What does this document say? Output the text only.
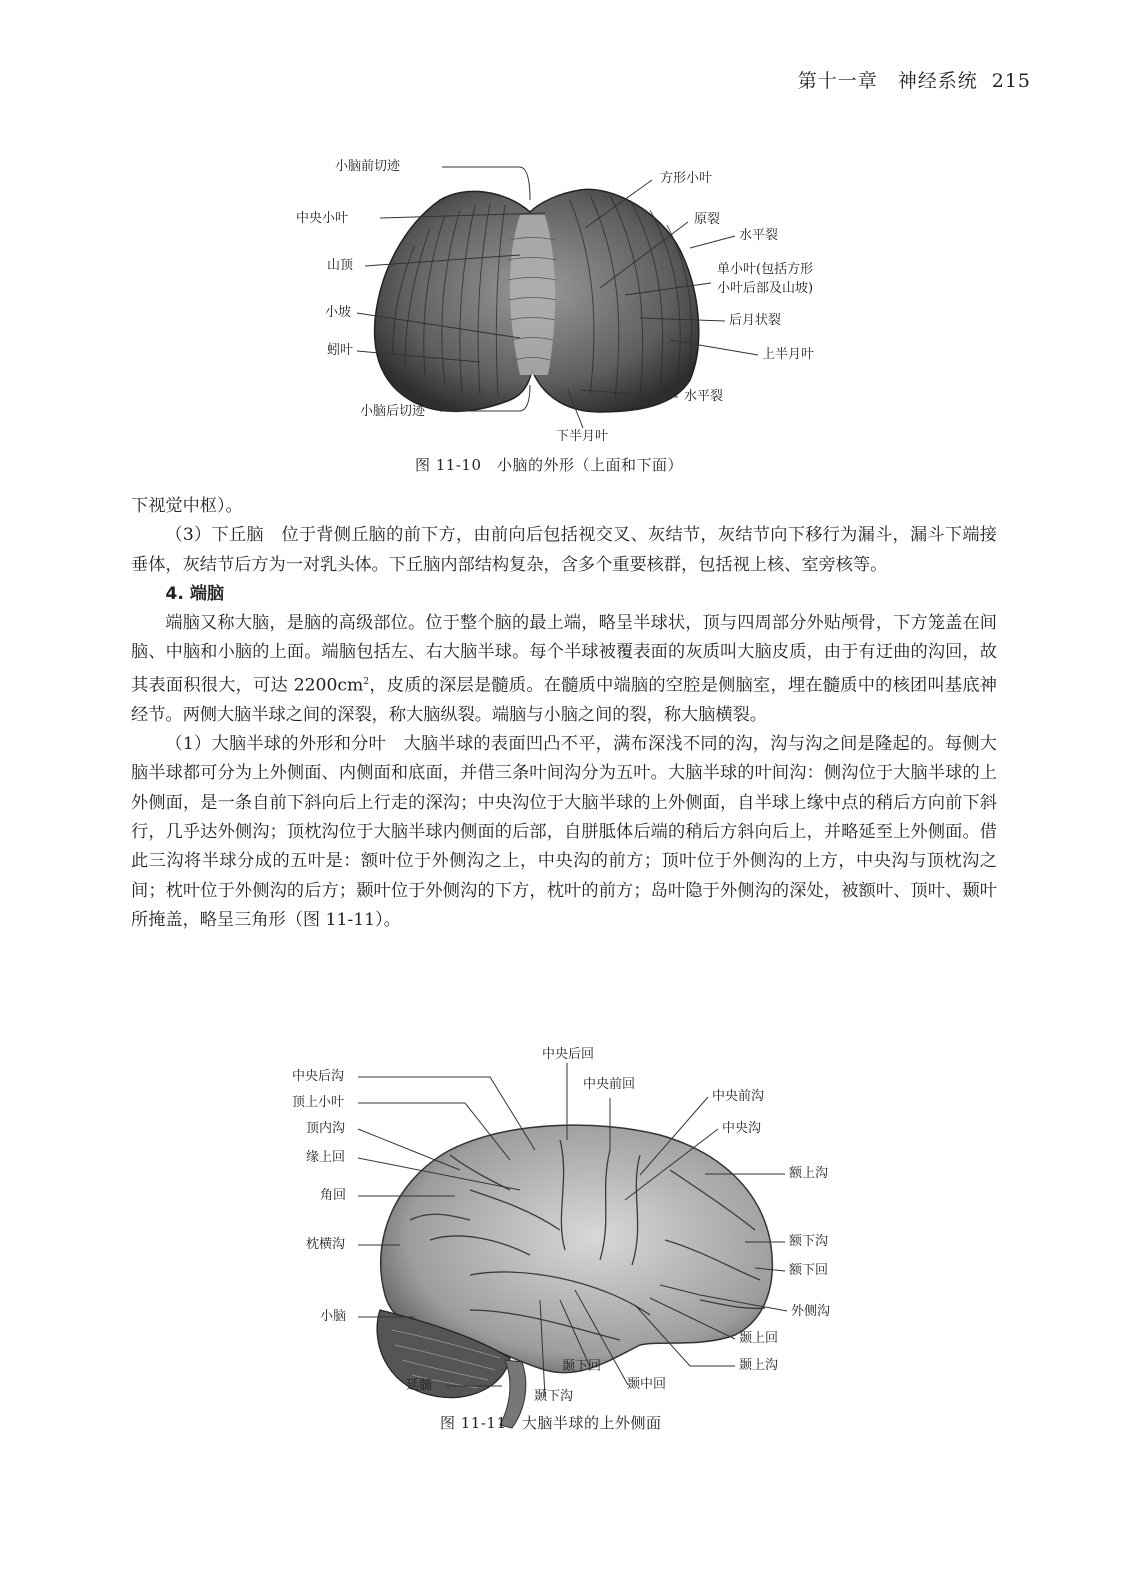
第十一章　神经系统 215
小脑前切迹
中央小叶
山顶
小坡
蚓叶
小脑后切迹
方形小叶
原裂
水平裂
单小叶(包括方形
小叶后部及山坡)
后月状裂
上半月叶
水平裂
下半月叶
图 11-10　小脑的外形（上面和下面）

下视觉中枢）。

（3）下丘脑　位于背侧丘脑的前下方，由前向后包括视交叉、灰结节，灰结节向下移行为漏斗，漏斗下端接垂体，灰结节后方为一对乳头体。下丘脑内部结构复杂，含多个重要核群，包括视上核、室旁核等。

4. 端脑

端脑又称大脑，是脑的高级部位。位于整个脑的最上端，略呈半球状，顶与四周部分外贴颅骨，下方笼盖在间脑、中脑和小脑的上面。端脑包括左、右大脑半球。每个半球被覆表面的灰质叫大脑皮质，由于有迂曲的沟回，故其表面积很大，可达 $2200cm^2$，皮质的深层是髓质。在髓质中端脑的空腔是侧脑室，埋在髓质中的核团叫基底神经节。两侧大脑半球之间的深裂，称大脑纵裂。端脑与小脑之间的裂，称大脑横裂。

（1）大脑半球的外形和分叶　大脑半球的表面凹凸不平，满布深浅不同的沟，沟与沟之间是隆起的。每侧大脑半球都可分为上外侧面、内侧面和底面，并借三条叶间沟分为五叶。大脑半球的叶间沟：侧沟位于大脑半球的上外侧面，是一条自前下斜向后上行走的深沟；中央沟位于大脑半球的上外侧面，自半球上缘中点的稍后方向前下斜行，几乎达外侧沟；顶枕沟位于大脑半球内侧面的后部，自胼胝体后端的稍后方斜向后上，并略延至上外侧面。借此三沟将半球分成的五叶是：额叶位于外侧沟之上，中央沟的前方；顶叶位于外侧沟的上方，中央沟与顶枕沟之间；枕叶位于外侧沟的后方；颞叶位于外侧沟的下方，枕叶的前方；岛叶隐于外侧沟的深处，被额叶、顶叶、颞叶所掩盖，略呈三角形（图 11-11）。

中央后回
中央后沟
顶上小叶
顶内沟
缘上回
角回
枕横沟
小脑
延髓
颞下沟
颞下回
颞中回
中央前回
中央前沟
中央沟
额上沟
额下沟
额下回
外侧沟
颞上回
颞上沟
图 11-11　大脑半球的上外侧面
